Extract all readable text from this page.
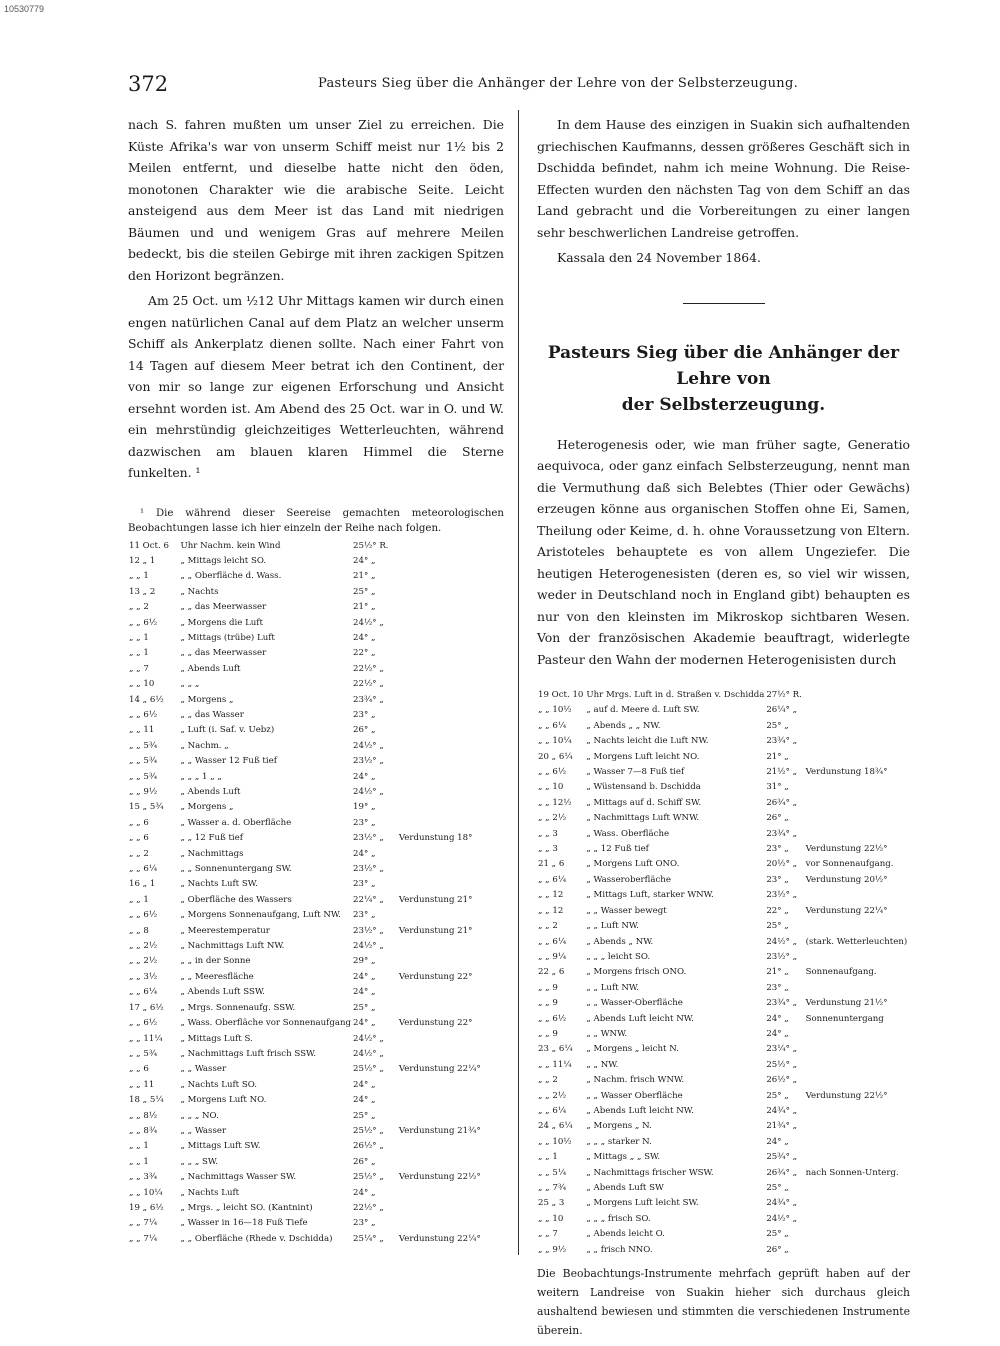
10530779
372	Pasteurs Sieg über die Anhänger der Lehre von der Selbsterzeugung.

nach S. fahren mußten um unser Ziel zu erreichen. Die Küste Afrika's war von unserm Schiff meist nur 1½ bis 2 Meilen entfernt, und dieselbe hatte nicht den öden, monotonen Charakter wie die arabische Seite. Leicht ansteigend aus dem Meer ist das Land mit niedrigen Bäumen und und wenigem Gras auf mehrere Meilen bedeckt, bis die steilen Gebirge mit ihren zackigen Spitzen den Horizont begränzen.

Am 25 Oct. um ½12 Uhr Mittags kamen wir durch einen engen natürlichen Canal auf dem Platz an welcher unserm Schiff als Ankerplatz dienen sollte. Nach einer Fahrt von 14 Tagen auf diesem Meer betrat ich den Continent, der von mir so lange zur eigenen Erforschung und Ansicht ersehnt worden ist. Am Abend des 25 Oct. war in O. und W. ein mehrstündig gleichzeitiges Wetterleuchten, während dazwischen am blauen klaren Himmel die Sterne funkelten. ¹

¹ Die während dieser Seereise gemachten meteorologischen Beobachtungen lasse ich hier einzeln der Reihe nach folgen.

11 Oct. 6	Uhr Nachm. kein Wind	25½° R.	
12 „ 1	„ Mittags leicht SO.	24° „	
„ „ 1	„ „ Oberfläche d. Wass.	21° „	
13 „ 2	„ Nachts	25° „	
„ „ 2	„ „ das Meerwasser	21° „	
„ „ 6½	„ Morgens die Luft	24½° „	
„ „ 1	„ Mittags (trübe) Luft	24° „	
„ „ 1	„ „ das Meerwasser	22° „	
„ „ 7	„ Abends Luft	22½° „	
„ „ 10	„ „ „	22½° „	
14 „ 6½	„ Morgens „	23¾° „	
„ „ 6½	„ „ das Wasser	23° „	
„ „ 11	„ Luft (i. Saf. v. Uebz)	26° „	
„ „ 5¾	„ Nachm. „	24½° „	
„ „ 5¾	„ „ Wasser 12 Fuß tief	23½° „	
„ „ 5¾	„ „ „ 1 „ „	24° „	
„ „ 9½	„ Abends Luft	24½° „	
15 „ 5¾	„ Morgens „	19° „	
„ „ 6	„ Wasser a. d. Oberfläche	23° „	
„ „ 6	„ „ 12 Fuß tief	23½° „	Verdunstung 18°
„ „ 2	„ Nachmittags	24° „	
„ „ 6¼	„ „ Sonnenuntergang SW.	23½° „	
16 „ 1	„ Nachts Luft SW.	23° „	
„ „ 1	„ Oberfläche des Wassers	22¼° „	Verdunstung 21°
„ „ 6½	„ Morgens Sonnenaufgang, Luft NW.	23° „	
„ „ 8	„ Meerestemperatur	23½° „	Verdunstung 21°
„ „ 2½	„ Nachmittags Luft NW.	24½° „	
„ „ 2½	„ „ in der Sonne	29° „	
„ „ 3½	„ „ Meeresfläche	24° „	Verdunstung 22°
„ „ 6¼	„ Abends Luft SSW.	24° „	
17 „ 6½	„ Mrgs. Sonnenaufg. SSW.	25° „	
„ „ 6½	„ Wass. Oberfläche vor Sonnenaufgang	24° „	Verdunstung 22°
„ „ 11¼	„ Mittags Luft S.	24½° „	
„ „ 5¾	„ Nachmittags Luft frisch SSW.	24½° „	
„ „ 6	„ „ Wasser	25½° „	Verdunstung 22¼°
„ „ 11	„ Nachts Luft SO.	24° „	
18 „ 5¼	„ Morgens Luft NO.	24° „	
„ „ 8½	„ „ „ NO.	25° „	
„ „ 8¾	„ „ Wasser	25½° „	Verdunstung 21¾°
„ „ 1	„ Mittags Luft SW.	26½° „	
„ „ 1	„ „ „ SW.	26° „	
„ „ 3¾	„ Nachmittags Wasser SW.	25½° „	Verdunstung 22½°
„ „ 10¼	„ Nachts Luft	24° „	
19 „ 6½	„ Mrgs. „ leicht SO. (Kantnint)	22½° „	
„ „ 7¼	„ Wasser in 16—18 Fuß Tiefe	23° „	
„ „ 7¼	„ „ Oberfläche (Rhede v. Dschidda)	25¼° „	Verdunstung 22¼°

In dem Hause des einzigen in Suakin sich aufhaltenden griechischen Kaufmanns, dessen größeres Geschäft sich in Dschidda befindet, nahm ich meine Wohnung. Die Reise-Effecten wurden den nächsten Tag von dem Schiff an das Land gebracht und die Vorbereitungen zu einer langen sehr beschwerlichen Landreise getroffen.

Kassala den 24 November 1864.

Pasteurs Sieg über die Anhänger der Lehre von
der Selbsterzeugung.

Heterogenesis oder, wie man früher sagte, Generatio aequivoca, oder ganz einfach Selbsterzeugung, nennt man die Vermuthung daß sich Belebtes (Thier oder Gewächs) erzeugen könne aus organischen Stoffen ohne Ei, Samen, Theilung oder Keime, d. h. ohne Voraussetzung von Eltern. Aristoteles behauptete es von allem Ungeziefer. Die heutigen Heterogenesisten (deren es, so viel wir wissen, weder in Deutschland noch in England gibt) behaupten es nur von den kleinsten im Mikroskop sichtbaren Wesen. Von der französischen Akademie beauftragt, widerlegte Pasteur den Wahn der modernen Heterogenisisten durch

19 Oct. 10	Uhr Mrgs. Luft in d. Straßen v. Dschidda	27½° R.	
„ „ 10½	„ auf d. Meere d. Luft SW.	26¼° „	
„ „ 6¼	„ Abends „ „ NW.	25° „	
„ „ 10¼	„ Nachts leicht die Luft NW.	23¾° „	
20 „ 6¼	„ Morgens Luft leicht NO.	21° „	
„ „ 6½	„ Wasser 7—8 Fuß tief	21½° „	Verdunstung 18¾°
„ „ 10	„ Wüstensand b. Dschidda	31° „	
„ „ 12½	„ Mittags auf d. Schiff SW.	26¾° „	
„ „ 2½	„ Nachmittags Luft WNW.	26° „	
„ „ 3	„ Wass. Oberfläche	23¾° „	
„ „ 3	„ „ 12 Fuß tief	23° „	Verdunstung 22½°
21 „ 6	„ Morgens Luft ONO.	20½° „	vor Sonnenaufgang.
„ „ 6¼	„ Wasseroberfläche	23° „	Verdunstung 20½°
„ „ 12	„ Mittags Luft, starker WNW.	23½° „	
„ „ 12	„ „ Wasser bewegt	22° „	Verdunstung 22¼°
„ „ 2	„ „ Luft NW.	25° „	
„ „ 6¼	„ Abends „ NW.	24½° „	(stark. Wetterleuchten)
„ „ 9¼	„ „ „ leicht SO.	23½° „	
22 „ 6	„ Morgens frisch ONO.	21° „	Sonnenaufgang.
„ „ 9	„ „ Luft NW.	23° „	
„ „ 9	„ „ Wasser-Oberfläche	23¾° „	Verdunstung 21½°
„ „ 6½	„ Abends Luft leicht NW.	24° „	Sonnenuntergang
„ „ 9	„ „ WNW.	24° „	
23 „ 6¼	„ Morgens „ leicht N.	23¼° „	
„ „ 11¼	„ „ NW.	25½° „	
„ „ 2	„ Nachm. frisch WNW.	26½° „	
„ „ 2½	„ „ Wasser Oberfläche	25° „	Verdunstung 22½°
„ „ 6¼	„ Abends Luft leicht NW.	24¾° „	
24 „ 6¼	„ Morgens „ N.	21¾° „	
„ „ 10½	„ „ „ starker N.	24° „	
„ „ 1	„ Mittags „ „ SW.	25¾° „	
„ „ 5¼	„ Nachmittags frischer WSW.	26¾° „	nach Sonnen-Unterg.
„ „ 7¾	„ Abends Luft SW	25° „	
25 „ 3	„ Morgens Luft leicht SW.	24¾° „	
„ „ 10	„ „ „ frisch SO.	24½° „	
„ „ 7	„ Abends leicht O.	25° „	
„ „ 9½	„ „ frisch NNO.	26° „	

Die Beobachtungs-Instrumente mehrfach geprüft haben auf der weitern Landreise von Suakin hieher sich durchaus gleich aushaltend bewiesen und stimmten die verschiedenen Instrumente überein.
